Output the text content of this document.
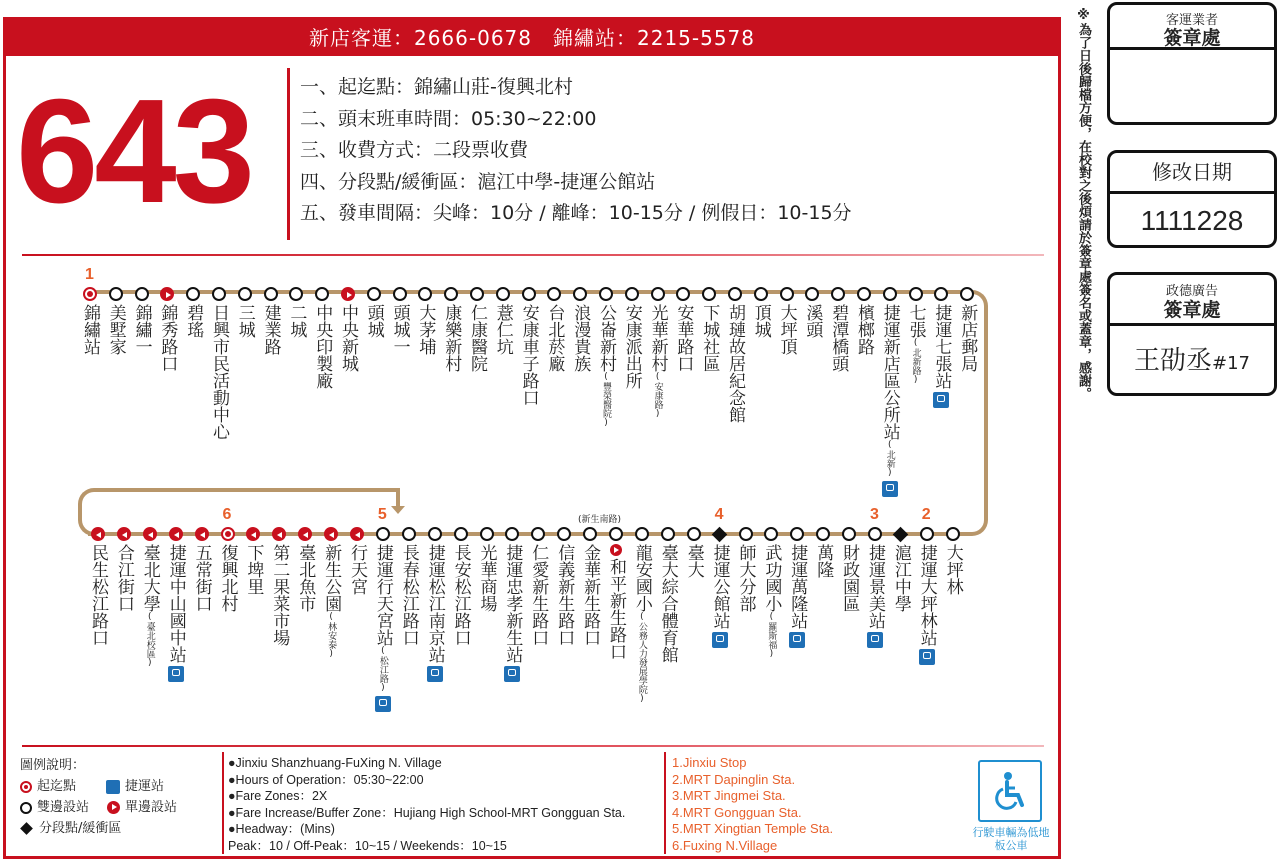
新店客運：2666-0678　錦繡站：2215-5578
643	一、起迄點：錦繡山莊-復興北村
二、頭末班車時間：05:30~22:00
三、收費方式：二段票收費
四、分段點/緩衝區：滬江中學-捷運公館站
五、發車間隔：尖峰：10分 / 離峰：10-15分 / 例假日：10-15分
錦繡站
1
美墅家 錦繡一 錦秀路口 碧瑤 日興市民活動中心 三城 建業路 二城 中央印製廠 中央新城 頭城 頭城一 大茅埔 康樂新村 仁康醫院 薏仁坑 安康車子路口 台北菸廠 浪漫貴族 公崙新村(豐榮醫院)
安康派出所 光華新村(安康路)
安華路口 下城社區 胡璉故居紀念館 頂城 大坪頂 溪頭 碧潭橋頭 檳榔路 捷運新店區公所站(北新)
七張(北新路) 捷運七張站 新店郵局
民生松江路口 合江街口 臺北大學(臺北校區) 捷運中山國中站 五常街口 復興北村
6
下埤里 第二果菜市場 臺北魚市 新生公園(林安泰)
行天宮 捷運行天宮站(松江路)
5
長春松江路口 捷運松江南京站 長安松江路口 光華商場 捷運忠孝新生站 仁愛新生路口 信義新生路口 金華新生路口 和平新生路口 龍安國小(公務人力發展學院) 臺大綜合體育館 臺大 捷運公館站
4
師大分部 武功國小(羅斯福)
捷運萬隆站 萬隆 財政園區 捷運景美站
3
滬江中學 捷運大坪林站
2
大坪林
(新生南路)
圖例說明：
起迄點	捷運站
雙邊設站	單邊設站
分段點/緩衝區
●Jinxiu Shanzhuang-FuXing N. Village
●Hours of Operation：05:30~22:00
●Fare Zones：2X
●Fare Increase/Buffer Zone：Hujiang High School-MRT Gongguan Sta.
●Headway：(Mins)
Peak：10 / Off-Peak：10~15 / Weekends：10~15
1.Jinxiu Stop
2.MRT Dapinglin Sta.
3.MRT Jingmei Sta.
4.MRT Gongguan Sta.
5.MRT Xingtian Temple Sta.
6.Fuxing N.Village
行駛車輛為低地板公車
※為了日後歸檔方便，在校對之後煩請於簽章處簽名或蓋章，感謝。	客運業者
簽章處
修改日期
1111228
政德廣告
簽章處
王劭丞#17
